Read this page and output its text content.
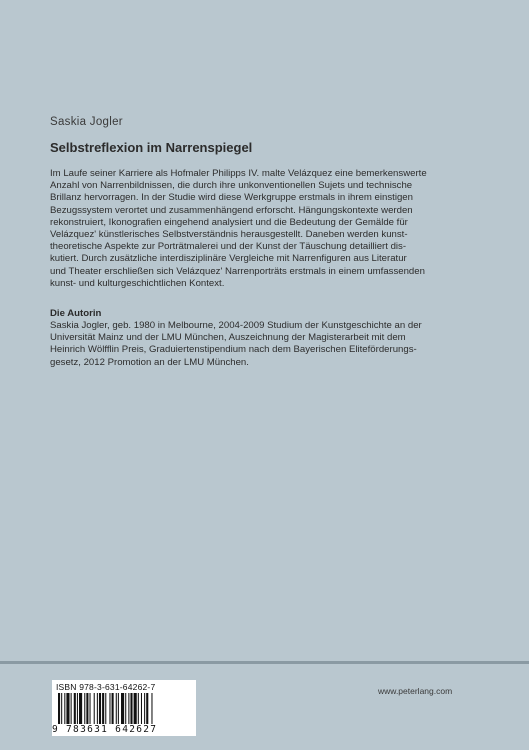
Saskia Jogler
Selbstreflexion im Narrenspiegel
Im Laufe seiner Karriere als Hofmaler Philipps IV. malte Velázquez eine bemerkenswerte
Anzahl von Narrenbildnissen, die durch ihre unkonventionellen Sujets und technische
Brillanz hervorragen. In der Studie wird diese Werkgruppe erstmals in ihrem einstigen
Bezugssystem verortet und zusammenhängend erforscht. Hängungskontexte werden
rekonstruiert, Ikonografien eingehend analysiert und die Bedeutung der Gemälde für
Velázquez' künstlerisches Selbstverständnis herausgestellt. Daneben werden kunst-
theoretische Aspekte zur Porträtmalerei und der Kunst der Täuschung detailliert dis-
kutiert. Durch zusätzliche interdisziplinäre Vergleiche mit Narrenfiguren aus Literatur
und Theater erschließen sich Velázquez' Narrenporträts erstmals in einem umfassenden
kunst- und kulturgeschichtlichen Kontext.
Die Autorin
Saskia Jogler, geb. 1980 in Melbourne, 2004-2009 Studium der Kunstgeschichte an der
Universität Mainz und der LMU München, Auszeichnung der Magisterarbeit mit dem
Heinrich Wölfflin Preis, Graduiertenstipendium nach dem Bayerischen Eliteförderungs-
gesetz, 2012 Promotion an der LMU München.
ISBN 978-3-631-64262-7
9 783631 642627
www.peterlang.com
